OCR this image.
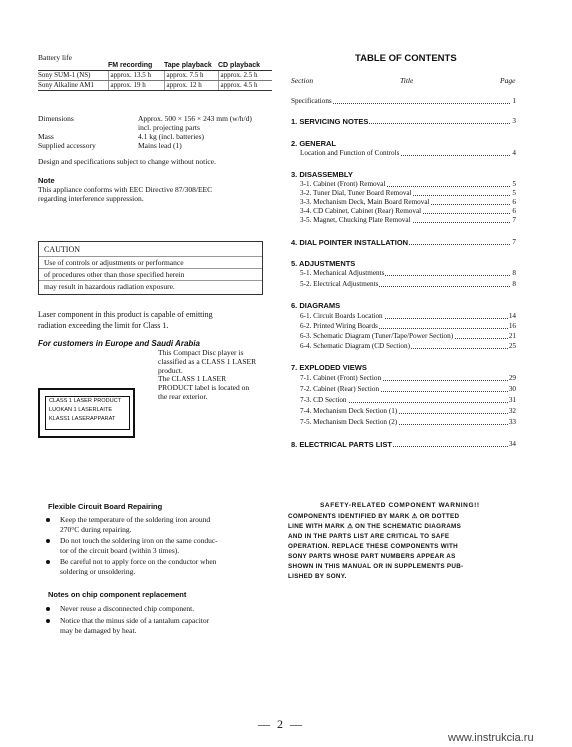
Battery life
	FM recording	Tape playback	CD playback
Sony SUM-1 (NS)	approx. 13.5 h	approx. 7.5 h	approx. 2.5 h
Sony Alkaline AM1	approx. 19 h	approx. 12 h	approx. 4.5 h
Dimensions	Approx. 500 × 156 × 243 mm (w/h/d)
incl. projecting parts
Mass	4.1 kg (incl. batteries)
Supplied accessory	Mains lead (1)
Design and specifications subject to change without notice.
Note
This appliance conforms with EEC Directive 87/308/EEC
regarding interference suppression.
CAUTION
Use of controls or adjustments or performance
of procedures other than those specified herein
may result in hazardous radiation exposure.
Laser component in this product is capable of emitting
radiation exceeding the limit for Class 1.
For customers in Europe and Saudi Arabia
CLASS 1 LASER PRODUCT
LUOKAN 1 LASERLAITE
KLASS1 LASERAPPARAT
This Compact Disc player is
classified as a CLASS 1 LASER
product.
The CLASS 1 LASER
PRODUCT label is located on
the rear exterior.
TABLE OF CONTENTS
Section	Title	Page
Specifications	1
1. SERVICING NOTES	3
2. GENERAL
Location and Function of Controls	4
3. DISASSEMBLY
3-1. Cabinet (Front) Removal	5
3-2. Tuner Dial, Tuner Board Removal	5
3-3. Mechanism Deck, Main Board Removal	6
3-4. CD Cabinet, Cabinet (Rear) Removal	6
3-5. Magnet, Chucking Plate Removal	7
4. DIAL POINTER INSTALLATION	7
5. ADJUSTMENTS
5-1. Mechanical Adjustments	8
5-2. Electrical Adjustments	8
6. DIAGRAMS
6-1. Circuit Boards Location	14
6-2. Printed Wiring Boards	16
6-3. Schematic Diagram (Tuner/Tape/Power Section)	21
6-4. Schematic Diagram (CD Section)	25
7. EXPLODED VIEWS
7-1. Cabinet (Front) Section	29
7-2. Cabinet (Rear) Section	30
7-3. CD Section	31
7-4. Mechanism Deck Section (1)	32
7-5. Mechanism Deck Section (2)	33
8. ELECTRICAL PARTS LIST	34
Flexible Circuit Board Repairing
Keep the temperature of the soldering iron around
270°C during repairing.
Do not touch the soldering iron on the same conduc-
tor of the circuit board (within 3 times).
Be careful not to apply force on the conductor when
soldering or unsoldering.
Notes on chip component replacement
Never reuse a disconnected chip component.
Notice that the minus side of a tantalum capacitor
may be damaged by heat.
SAFETY-RELATED COMPONENT WARNING!!
COMPONENTS IDENTIFIED BY MARK ⚠ OR DOTTED
LINE WITH MARK ⚠ ON THE SCHEMATIC DIAGRAMS
AND IN THE PARTS LIST ARE CRITICAL TO SAFE
OPERATION. REPLACE THESE COMPONENTS WITH
SONY PARTS WHOSE PART NUMBERS APPEAR AS
SHOWN IN THIS MANUAL OR IN SUPPLEMENTS PUB-
LISHED BY SONY.
— 2 —
www.instrukcia.ru
